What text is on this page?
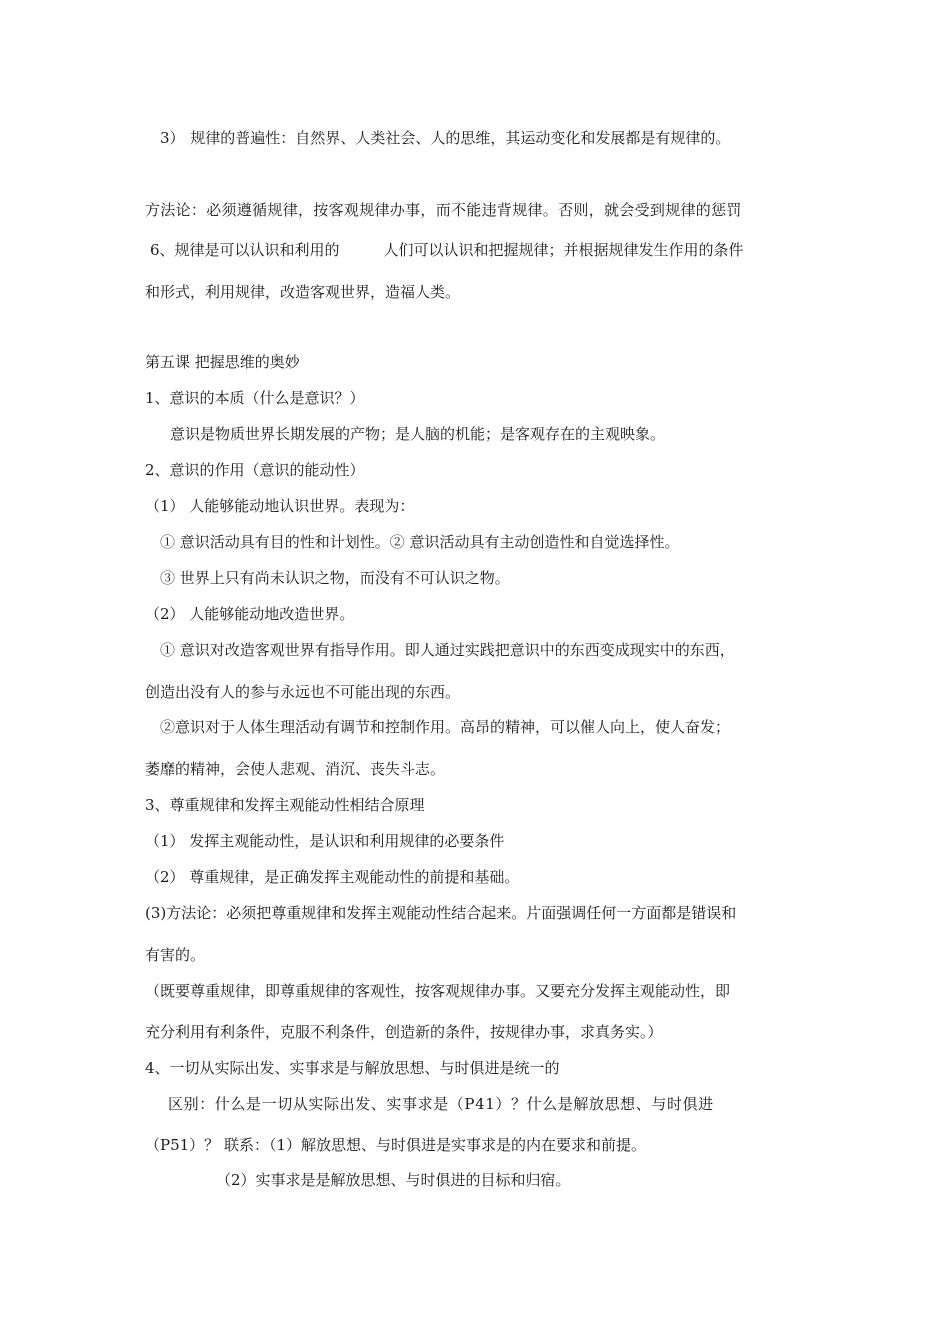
3） 规律的普遍性：自然界、人类社会、人的思维，其运动变化和发展都是有规律的。
方法论：必须遵循规律，按客观规律办事，而不能违背规律。否则，就会受到规律的惩罚
6、规律是可以认识和利用的	人们可以认识和把握规律；并根据规律发生作用的条件
和形式，利用规律，改造客观世界，造福人类。
第五课 把握思维的奥妙
1、意识的本质（什么是意识？）
意识是物质世界长期发展的产物；是人脑的机能；是客观存在的主观映象。
2、意识的作用（意识的能动性）
（1） 人能够能动地认识世界。表现为：
① 意识活动具有目的性和计划性。② 意识活动具有主动创造性和自觉选择性。
③ 世界上只有尚未认识之物，而没有不可认识之物。
（2） 人能够能动地改造世界。
① 意识对改造客观世界有指导作用。即人通过实践把意识中的东西变成现实中的东西，
创造出没有人的参与永远也不可能出现的东西。
②意识对于人体生理活动有调节和控制作用。高昂的精神，可以催人向上，使人奋发；
萎靡的精神，会使人悲观、消沉、丧失斗志。
3、尊重规律和发挥主观能动性相结合原理
（1） 发挥主观能动性，是认识和利用规律的必要条件
（2） 尊重规律，是正确发挥主观能动性的前提和基础。
(3)方法论：必须把尊重规律和发挥主观能动性结合起来。片面强调任何一方面都是错误和
有害的。
（既要尊重规律，即尊重规律的客观性，按客观规律办事。又要充分发挥主观能动性，即
充分利用有利条件，克服不利条件，创造新的条件，按规律办事，求真务实。）
4、一切从实际出发、实事求是与解放思想、与时俱进是统一的
区别：什么是一切从实际出发、实事求是（P41）？什么是解放思想、与时俱进
（P51）？ 联系：（1）解放思想、与时俱进是实事求是的内在要求和前提。
（2）实事求是是解放思想、与时俱进的目标和归宿。
